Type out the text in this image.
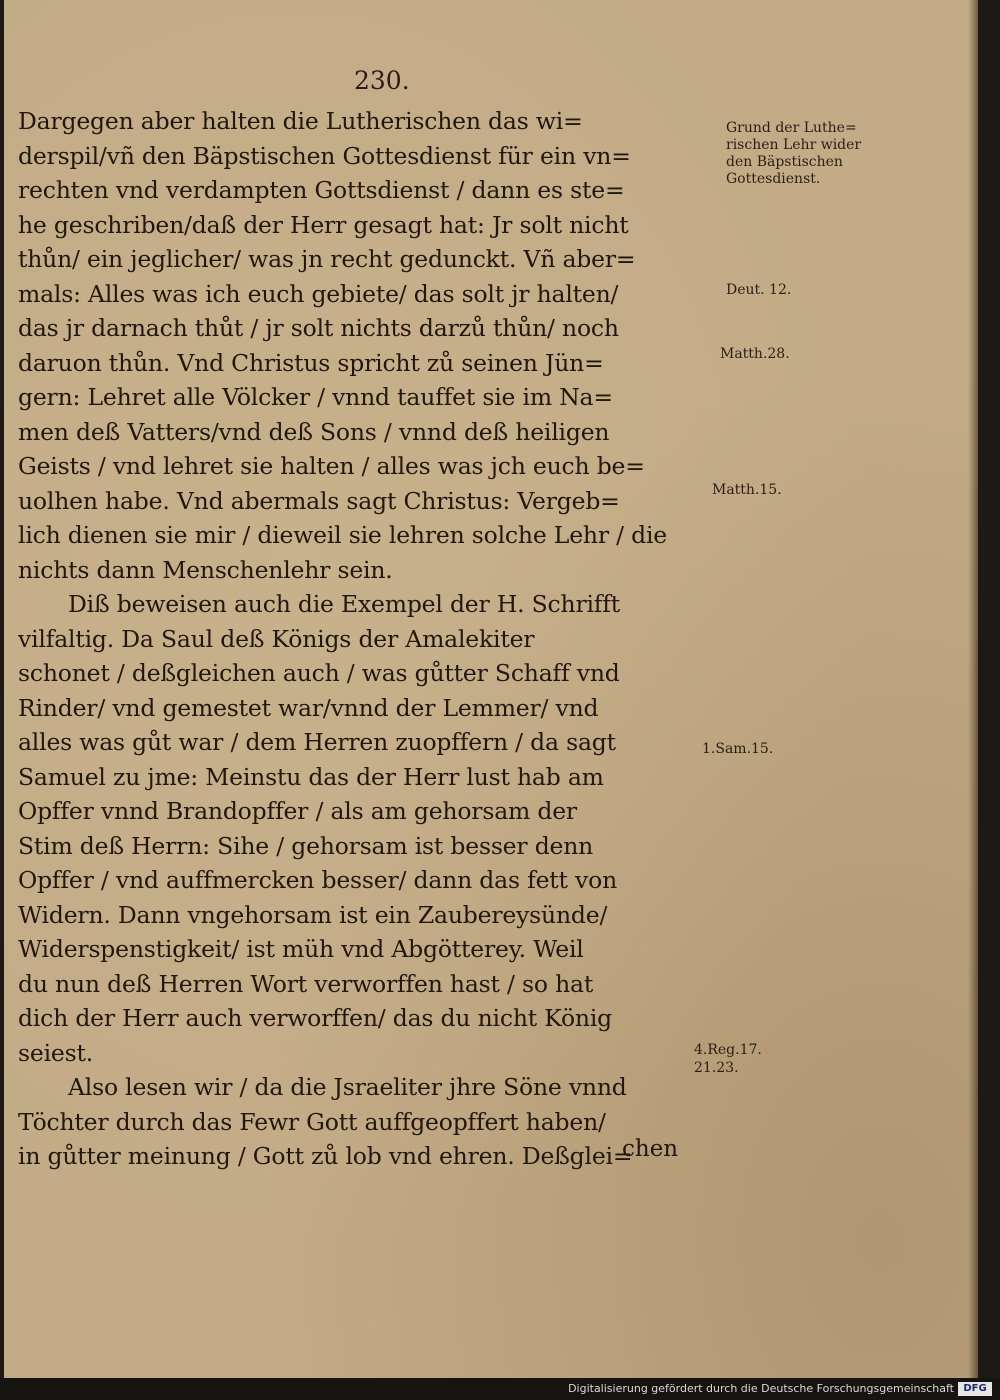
230.
Dargegen aber halten die Lutherischen das wi=
derspil/vñ den Bäpstischen Gottesdienst für ein vn=
rechten vnd verdampten Gottsdienst / dann es ste=
he geschriben/daß der Herr gesagt hat: Jr solt nicht
thůn/ ein jeglicher/ was jn recht gedunckt. Vñ aber=
mals: Alles was ich euch gebiete/ das solt jr halten/
das jr darnach thůt / jr solt nichts darzů thůn/ noch
daruon thůn. Vnd Christus spricht zů seinen Jün=
gern: Lehret alle Völcker / vnnd tauffet sie im Na=
men deß Vatters/vnd deß Sons / vnnd deß heiligen
Geists / vnd lehret sie halten / alles was jch euch be=
uolhen habe. Vnd abermals sagt Christus: Vergeb=
lich dienen sie mir / dieweil sie lehren solche Lehr / die
nichts dann Menschenlehr sein.
Diß beweisen auch die Exempel der H. Schrifft
vilfaltig. Da Saul deß Königs der Amalekiter
schonet / deßgleichen auch / was gůtter Schaff vnd
Rinder/ vnd gemestet war/vnnd der Lemmer/ vnd
alles was gůt war / dem Herren zuopffern / da sagt
Samuel zu jme: Meinstu das der Herr lust hab am
Opffer vnnd Brandopffer / als am gehorsam der
Stim deß Herrn: Sihe / gehorsam ist besser denn
Opffer / vnd auffmercken besser/ dann das fett von
Widern. Dann vngehorsam ist ein Zaubereysünde/
Widerspenstigkeit/ ist müh vnd Abgötterey. Weil
du nun deß Herren Wort verworffen hast / so hat
dich der Herr auch verworffen/ das du nicht König
seiest.
Also lesen wir / da die Jsraeliter jhre Söne vnnd
Töchter durch das Fewr Gott auffgeopffert haben/
in gůtter meinung / Gott zů lob vnd ehren. Deßglei=
chen
Grund der Luthe=
rischen Lehr wider
den Bäpstischen
Gottesdienst.
Deut. 12.
Matth.28.
Matth.15.
1.Sam.15.
4.Reg.17.
21.23.
Digitalisierung gefördert durch die Deutsche Forschungsgemeinschaft DFG
